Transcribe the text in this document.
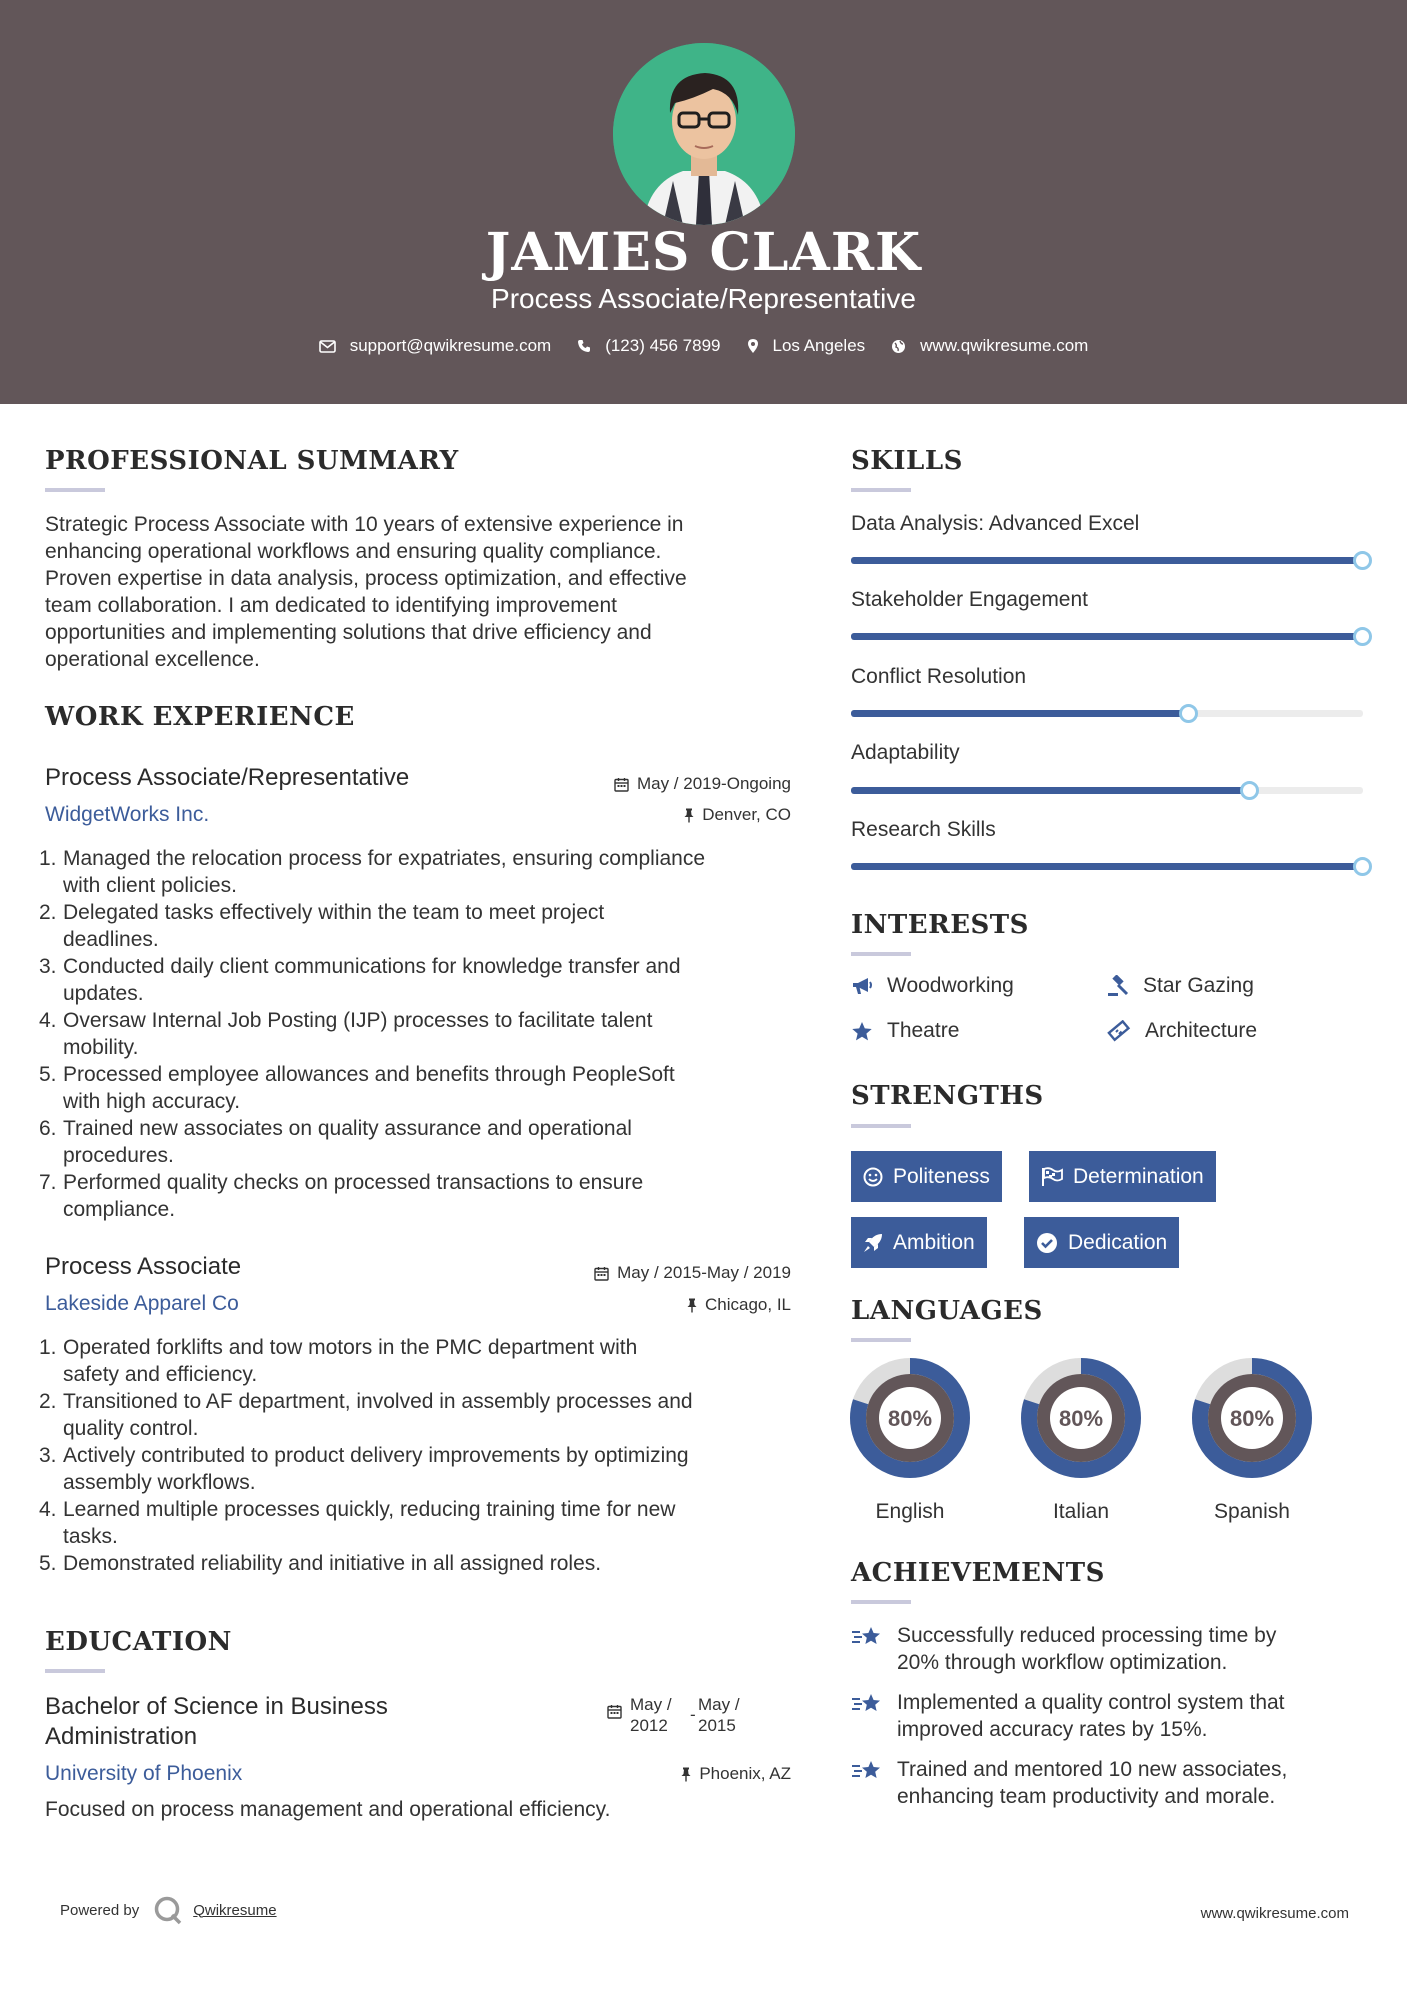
JAMES CLARK
Process Associate/Representative
support@qwikresume.com	(123) 456 7899	Los Angeles	www.qwikresume.com
PROFESSIONAL SUMMARY
Strategic Process Associate with 10 years of extensive experience in
enhancing operational workflows and ensuring quality compliance.
Proven expertise in data analysis, process optimization, and effective
team collaboration. I am dedicated to identifying improvement
opportunities and implementing solutions that drive efficiency and
operational excellence.
WORK EXPERIENCE
Process Associate/Representative
WidgetWorks Inc.
May / 2019-Ongoing
Denver, CO
1. Managed the relocation process for expatriates, ensuring compliance
with client policies.
2. Delegated tasks effectively within the team to meet project
deadlines.
3. Conducted daily client communications for knowledge transfer and
updates.
4. Oversaw Internal Job Posting (IJP) processes to facilitate talent
mobility.
5. Processed employee allowances and benefits through PeopleSoft
with high accuracy.
6. Trained new associates on quality assurance and operational
procedures.
7. Performed quality checks on processed transactions to ensure
compliance.
Process Associate
Lakeside Apparel Co
May / 2015-May / 2019
Chicago, IL
1. Operated forklifts and tow motors in the PMC department with
safety and efficiency.
2. Transitioned to AF department, involved in assembly processes and
quality control.
3. Actively contributed to product delivery improvements by optimizing
assembly workflows.
4. Learned multiple processes quickly, reducing training time for new
tasks.
5. Demonstrated reliability and initiative in all assigned roles.
EDUCATION
Bachelor of Science in Business
Administration
University of Phoenix
May /
2012
-
May /
2015
Phoenix, AZ
Focused on process management and operational efficiency.
SKILLS
Data Analysis: Advanced Excel
Stakeholder Engagement
Conflict Resolution
Adaptability
Research Skills
INTERESTS
Woodworking	Star Gazing
Theatre	Architecture
STRENGTHS
Politeness	Determination
Ambition	Dedication
LANGUAGES
80%
English
80%
Italian
80%
Spanish
ACHIEVEMENTS
Successfully reduced processing time by
20% through workflow optimization.
Implemented a quality control system that
improved accuracy rates by 15%.
Trained and mentored 10 new associates,
enhancing team productivity and morale.
Powered by	Qwikresume	www.qwikresume.com
